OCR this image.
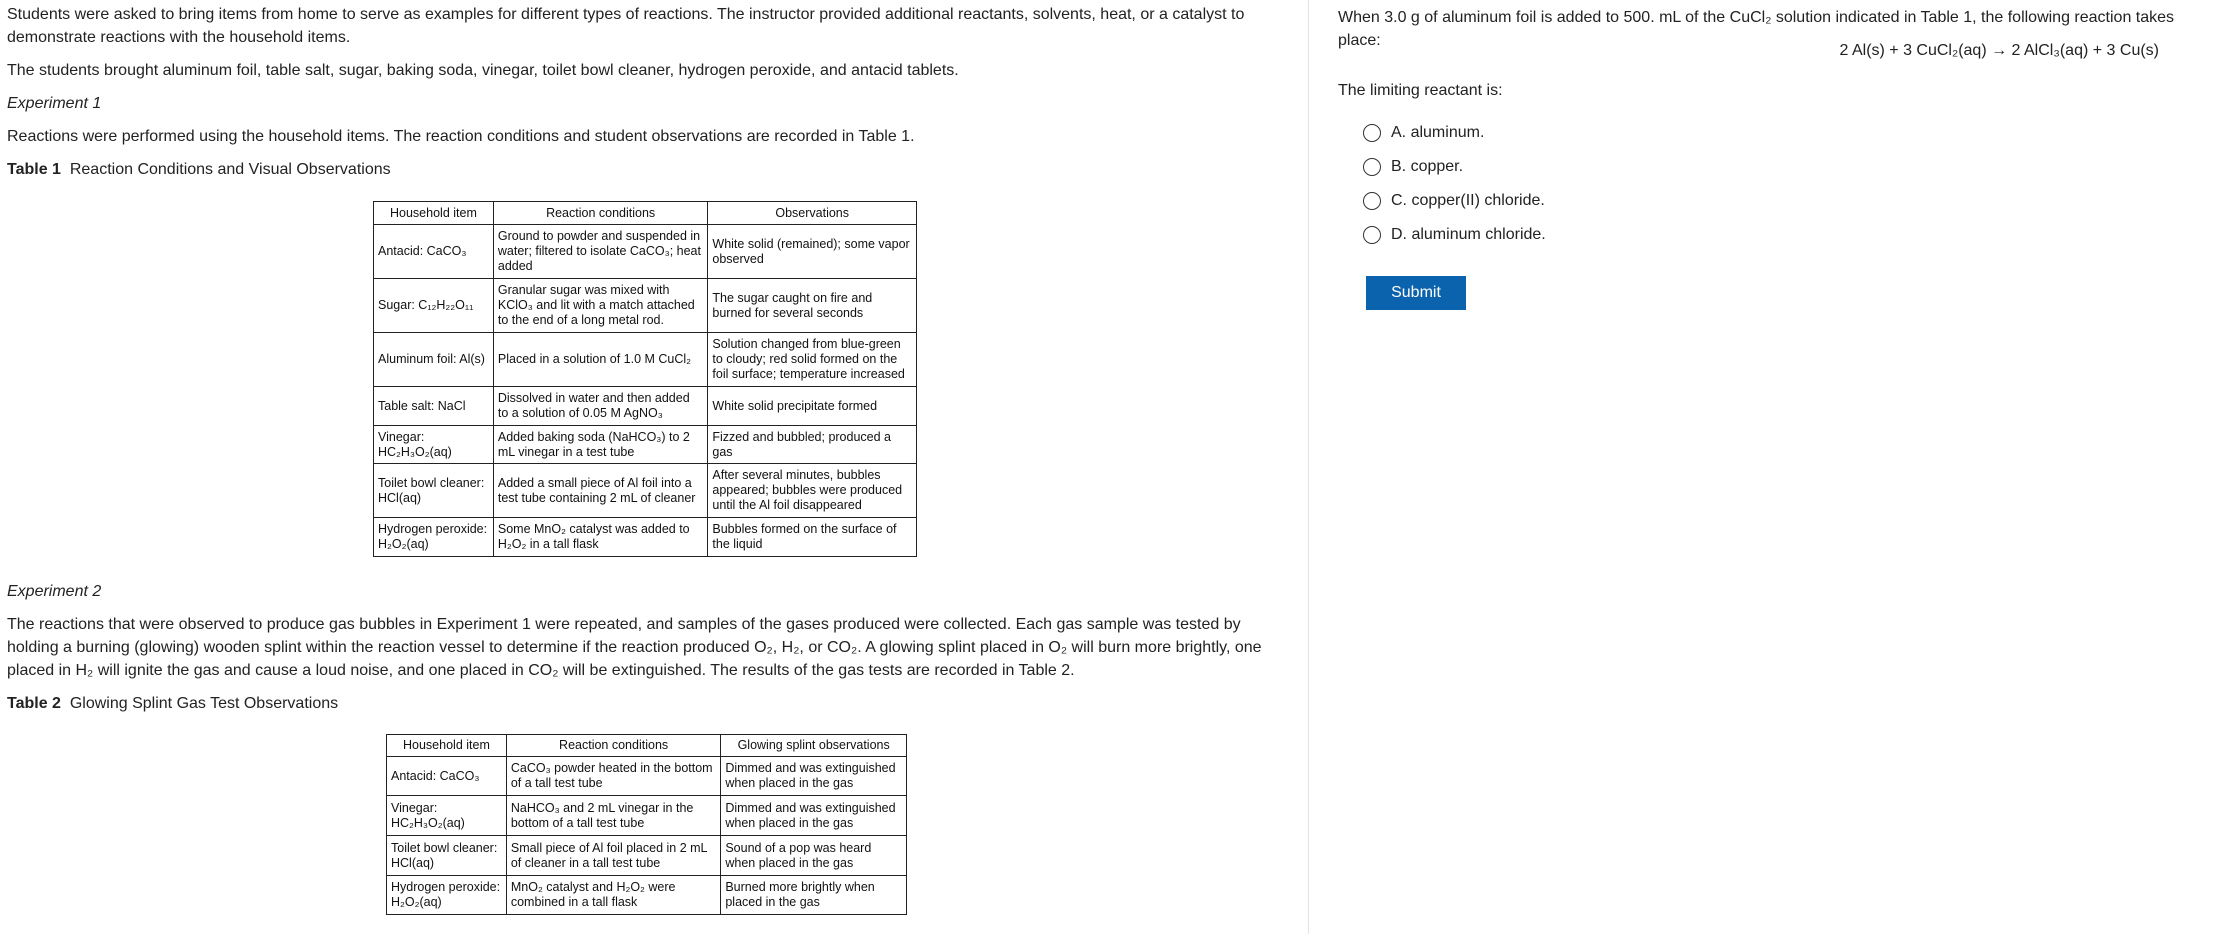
Students were asked to bring items from home to serve as examples for different types of reactions. The instructor provided additional reactants, solvents, heat, or a catalyst to demonstrate reactions with the household items.

The students brought aluminum foil, table salt, sugar, baking soda, vinegar, toilet bowl cleaner, hydrogen peroxide, and antacid tablets.

Experiment 1

Reactions were performed using the household items. The reaction conditions and student observations are recorded in Table 1.

Table 1 Reaction Conditions and Visual Observations

Household item	Reaction conditions	Observations
Antacid: CaCO₃	Ground to powder and suspended in water; filtered to isolate CaCO₃; heat added	White solid (remained); some vapor observed
Sugar: C₁₂H₂₂O₁₁	Granular sugar was mixed with KClO₃ and lit with a match attached to the end of a long metal rod.	The sugar caught on fire and burned for several seconds
Aluminum foil: Al(s)	Placed in a solution of 1.0 M CuCl₂	Solution changed from blue-green to cloudy; red solid formed on the foil surface; temperature increased
Table salt: NaCl	Dissolved in water and then added to a solution of 0.05 M AgNO₃	White solid precipitate formed
Vinegar: HC₂H₃O₂(aq)	Added baking soda (NaHCO₃) to 2 mL vinegar in a test tube	Fizzed and bubbled; produced a gas
Toilet bowl cleaner: HCl(aq)	Added a small piece of Al foil into a test tube containing 2 mL of cleaner	After several minutes, bubbles appeared; bubbles were produced until the Al foil disappeared
Hydrogen peroxide: H₂O₂(aq)	Some MnO₂ catalyst was added to H₂O₂ in a tall flask	Bubbles formed on the surface of the liquid

Experiment 2

The reactions that were observed to produce gas bubbles in Experiment 1 were repeated, and samples of the gases produced were collected. Each gas sample was tested by holding a burning (glowing) wooden splint within the reaction vessel to determine if the reaction produced O₂, H₂, or CO₂. A glowing splint placed in O₂ will burn more brightly, one placed in H₂ will ignite the gas and cause a loud noise, and one placed in CO₂ will be extinguished. The results of the gas tests are recorded in Table 2.

Table 2 Glowing Splint Gas Test Observations

Household item	Reaction conditions	Glowing splint observations
Antacid: CaCO₃	CaCO₃ powder heated in the bottom of a tall test tube	Dimmed and was extinguished when placed in the gas
Vinegar: HC₂H₃O₂(aq)	NaHCO₃ and 2 mL vinegar in the bottom of a tall test tube	Dimmed and was extinguished when placed in the gas
Toilet bowl cleaner: HCl(aq)	Small piece of Al foil placed in 2 mL of cleaner in a tall test tube	Sound of a pop was heard when placed in the gas
Hydrogen peroxide: H₂O₂(aq)	MnO₂ catalyst and H₂O₂ were combined in a tall flask	Burned more brightly when placed in the gas

When 3.0 g of aluminum foil is added to 500. mL of the CuCl₂ solution indicated in Table 1, the following reaction takes place:

2 Al(s) + 3 CuCl₂(aq) → 2 AlCl₃(aq) + 3 Cu(s)

The limiting reactant is:

A.
aluminum.
B.
copper.
C.
copper(II) chloride.
D.
aluminum chloride.
Submit
